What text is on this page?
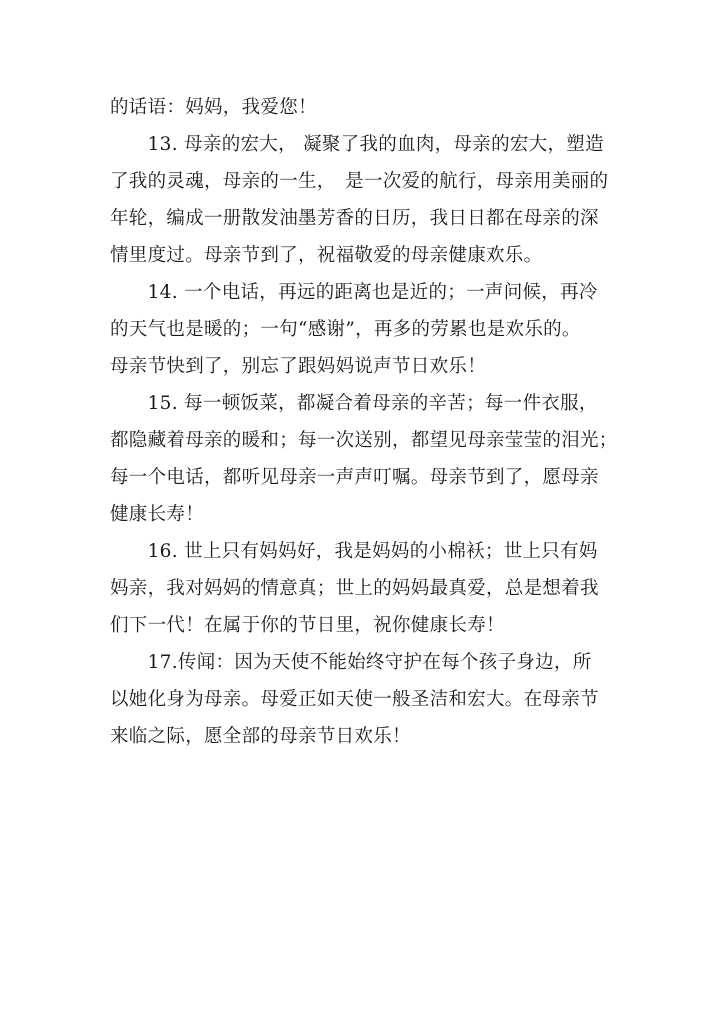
的话语：妈妈，我爱您！
　　13. 母亲的宏大， 凝聚了我的血肉，母亲的宏大，塑造
了我的灵魂，母亲的一生，　是一次爱的航行，母亲用美丽的
年轮，编成一册散发油墨芳香的日历，我日日都在母亲的深
情里度过。母亲节到了，祝福敬爱的母亲健康欢乐。
　　14. 一个电话，再远的距离也是近的；一声问候，再冷
的天气也是暖的；一句“感谢”，再多的劳累也是欢乐的。
母亲节快到了，别忘了跟妈妈说声节日欢乐！
　　15. 每一顿饭菜，都凝合着母亲的辛苦；每一件衣服，
都隐藏着母亲的暖和；每一次送别，都望见母亲莹莹的泪光；
每一个电话，都听见母亲一声声叮嘱。母亲节到了，愿母亲
健康长寿！
　　16. 世上只有妈妈好，我是妈妈的小棉袄；世上只有妈
妈亲，我对妈妈的情意真；世上的妈妈最真爱，总是想着我
们下一代！在属于你的节日里，祝你健康长寿！
　　17.传闻：因为天使不能始终守护在每个孩子身边，所
以她化身为母亲。母爱正如天使一般圣洁和宏大。在母亲节
来临之际，愿全部的母亲节日欢乐！
